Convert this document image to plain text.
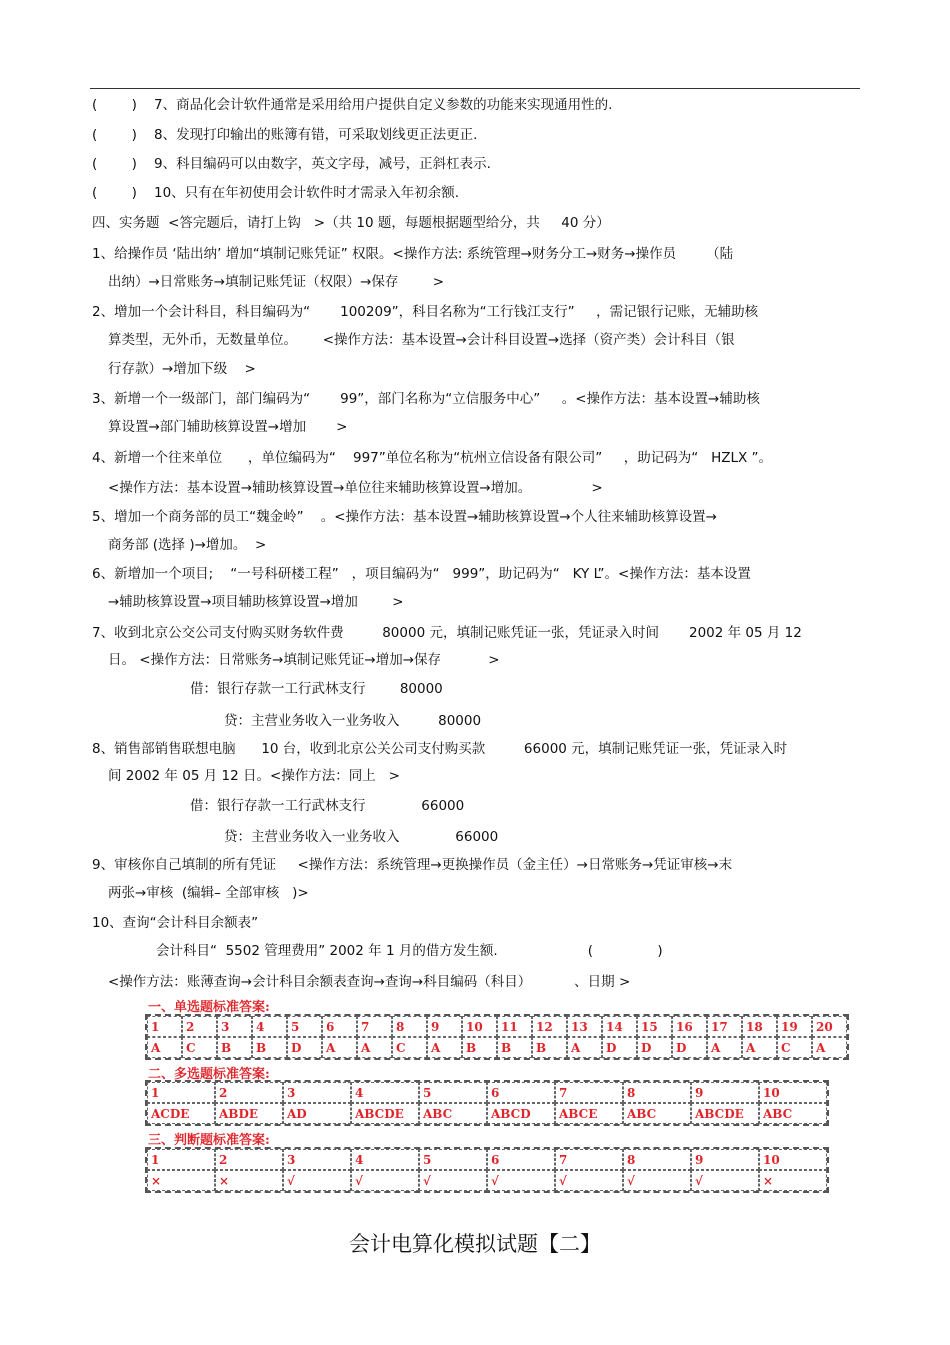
(        ) 7、商品化会计软件通常是采用给用户提供自定义参数的功能来实现通用性的.
(        ) 8、发现打印输出的账簿有错，可采取划线更正法更正.
(        ) 9、科目编码可以由数字，英文字母，减号，正斜杠表示.
(        ) 10、只有在年初使用会计软件时才需录入年初余额.
四、实务题  <答完题后，请打上钩   >（共 10 题，每题根据题型给分，共     40 分）
1、给操作员 ‘陆出纳’ 增加“填制记账凭证” 权限。<操作方法: 系统管理→财务分工→财务→操作员       （陆
出纳）→日常账务→填制记账凭证（权限）→保存        >
2、增加一个会计科目，科目编码为“       100209”，科目名称为“工行钱江支行”     ，需记银行记账，无辅助核
算类型，无外币，无数量单位。      <操作方法：基本设置→会计科目设置→选择（资产类）会计科目（银
行存款）→增加下级    >
3、新增一个一级部门，部门编码为“       99”，部门名称为“立信服务中心”     。<操作方法：基本设置→辅助核
算设置→部门辅助核算设置→增加       >
4、新增一个往来单位      ，单位编码为“    997”单位名称为“杭州立信设备有限公司”     ，助记码为“   HZLX ”。
<操作方法：基本设置→辅助核算设置→单位往来辅助核算设置→增加。              >
5、增加一个商务部的员工“魏金岭”    。<操作方法：基本设置→辅助核算设置→个人往来辅助核算设置→
商务部 (选择 )→增加。  >
6、新增加一个项目;    “一号科研楼工程”   ，项目编码为“   999”，助记码为“   KY L”。<操作方法：基本设置
→辅助核算设置→项目辅助核算设置→增加        >
7、收到北京公交公司支付购买财务软件费         80000 元，填制记账凭证一张，凭证录入时间       2002 年 05 月 12
日。 <操作方法：日常账务→填制记账凭证→增加→保存           >
借：银行存款一工行武林支行        80000
贷：主营业务收入一业务收入         80000
8、销售部销售联想电脑      10 台，收到北京公关公司支付购买款         66000 元，填制记账凭证一张，凭证录入时
间 2002 年 05 月 12 日。<操作方法：同上   >
借：银行存款一工行武林支行             66000
贷：主营业务收入一业务收入             66000
9、审核你自己填制的所有凭证     <操作方法：系统管理→更换操作员（金主任）→日常账务→凭证审核→末
两张→审核  (编辑– 全部审核   )>
10、查询“会计科目余额表”
会计科目“  5502 管理费用” 2002 年 1 月的借方发生额.                     (               )
<操作方法：账薄查询→会计科目余额表查询→查询→科目编码（科目）          、日期 >
一、单选题标准答案:
1	2	3	4	5	6	7	8	9	10	11	12	13	14	15	16	17	18	19	20
A	C	B	B	D	A	A	C	A	B	B	B	A	D	D	D	A	A	C	A
二、多选题标准答案:
1	2	3	4	5	6	7	8	9	10
ACDE	ABDE	AD	ABCDE	ABC	ABCD	ABCE	ABC	ABCDE	ABC
三、判断题标准答案:
1	2	3	4	5	6	7	8	9	10
×	×	√	√	√	√	√	√	√	×
会计电算化模拟试题【二】
